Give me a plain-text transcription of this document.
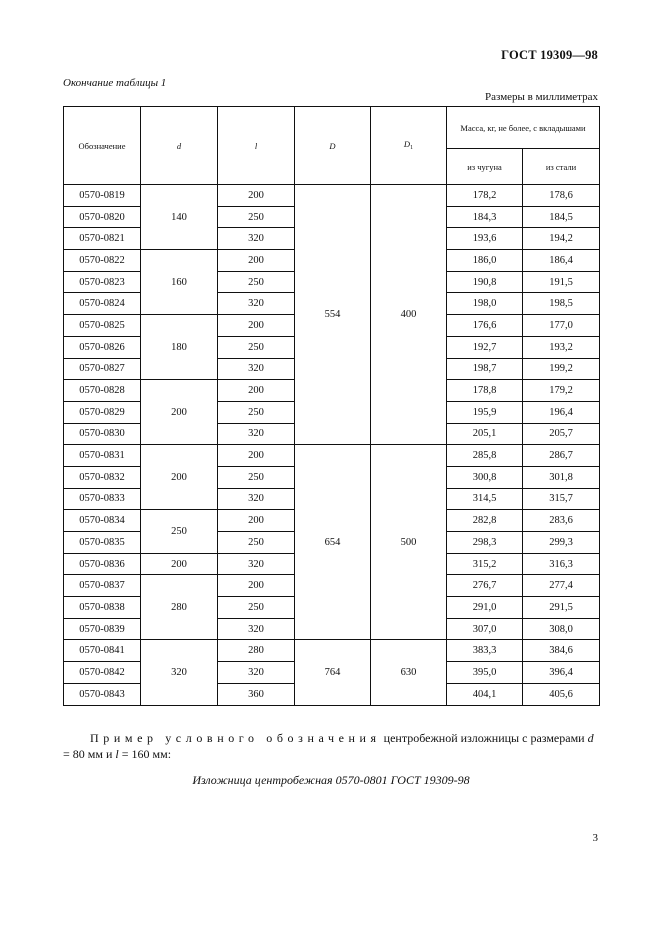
ГОСТ 19309—98
Окончание таблицы 1
Размеры в миллиметрах
Обозначение	d	l	D	$D_1$	Масса, кг, не более, с вкладышами	
					из чугуна	из стали
0570-0819	140	200	554	400	178,2	178,6
0570-0820		250			184,3	184,5
0570-0821		320			193,6	194,2
0570-0822	160	200			186,0	186,4
0570-0823		250			190,8	191,5
0570-0824		320			198,0	198,5
0570-0825	180	200			176,6	177,0
0570-0826		250			192,7	193,2
0570-0827		320			198,7	199,2
0570-0828	200	200			178,8	179,2
0570-0829		250			195,9	196,4
0570-0830		320			205,1	205,7
0570-0831	200	200	654	500	285,8	286,7
0570-0832		250			300,8	301,8
0570-0833		320			314,5	315,7
0570-0834	250	200			282,8	283,6
0570-0835		250			298,3	299,3
0570-0836	200	320			315,2	316,3
0570-0837	280	200			276,7	277,4
0570-0838		250			291,0	291,5
0570-0839		320			307,0	308,0
0570-0841	320	280	764	630	383,3	384,6
0570-0842		320			395,0	396,4
0570-0843		360			404,1	405,6
Пример условного обозначения центробежной изложницы с размерами d = 80 мм и l = 160 мм:
Изложница центробежная 0570-0801 ГОСТ 19309-98
3
